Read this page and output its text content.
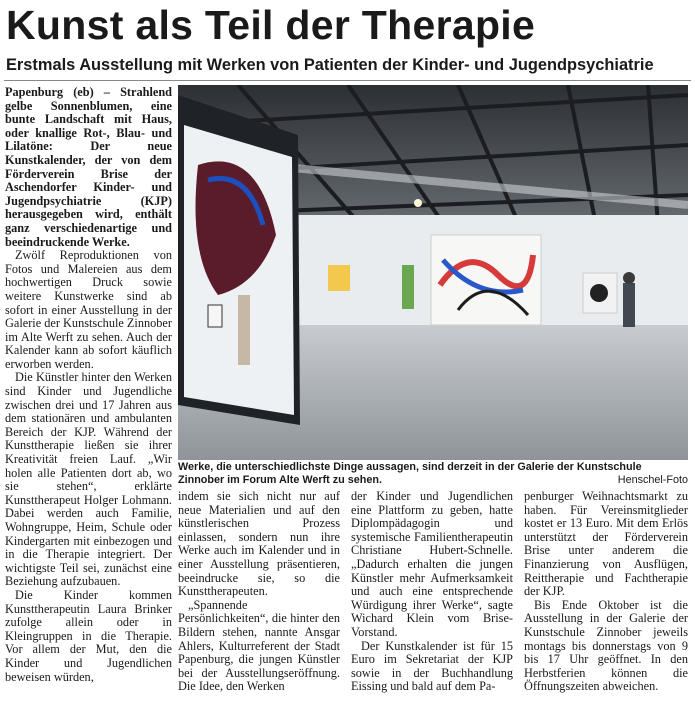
Kunst als Teil der Therapie
Erstmals Ausstellung mit Werken von Patienten der Kinder- und Jugendpsychiatrie

Papenburg (eb) – Strahlend gelbe Sonnenblumen, eine bunte Landschaft mit Haus, oder knallige Rot-, Blau- und Lilatöne: Der neue Kunstkalender, der von dem Förderverein Brise der Aschendorfer Kinder- und Jugendpsychiatrie (KJP) herausgegeben wird, enthält ganz verschiedenartige und beeindruckende Werke.

Zwölf Reproduktionen von Fotos und Malereien aus dem hochwertigen Druck sowie weitere Kunstwerke sind ab sofort in einer Ausstellung in der Galerie der Kunstschule Zinnober im Alte Werft zu sehen. Auch der Kalender kann ab sofort käuflich erworben werden.

Die Künstler hinter den Werken sind Kinder und Jugendliche zwischen drei und 17 Jahren aus dem stationären und ambulanten Bereich der KJP. Während der Kunsttherapie ließen sie ihrer Kreativität freien Lauf. „Wir holen alle Patienten dort ab, wo sie stehen“, erklärte Kunsttherapeut Holger Lohmann. Dabei werden auch Familie, Wohngruppe, Heim, Schule oder Kindergarten mit einbezogen und in die Therapie integriert. Der wichtigste Teil sei, zunächst eine Beziehung aufzubauen.

Die Kinder kommen Kunsttherapeutin Laura Brinker zufolge allein oder in Kleingruppen in die Therapie. Vor allem der Mut, den die Kinder und Jugendlichen beweisen würden,

Werke, die unterschiedlichste Dinge aussagen, sind derzeit in der Galerie der Kunstschule Zinnober im Forum Alte Werft zu sehen.	Henschel-Foto

indem sie sich nicht nur auf neue Materialien und auf den künstlerischen Prozess einlassen, sondern nun ihre Werke auch im Kalender und in einer Ausstellung präsentieren, beeindrucke sie, so die Kunsttherapeuten.

„Spannende Persönlichkeiten“, die hinter den Bildern stehen, nannte Ansgar Ahlers, Kulturreferent der Stadt Papenburg, die jungen Künstler bei der Ausstellungseröffnung. Die Idee, den Werken

der Kinder und Jugendlichen eine Plattform zu geben, hatte Diplompädagogin und systemische Familientherapeutin Christiane Hubert-Schnelle. „Dadurch erhalten die jungen Künstler mehr Aufmerksamkeit und auch eine entsprechende Würdigung ihrer Werke“, sagte Wichard Klein vom Brise-Vorstand.

Der Kunstkalender ist für 15 Euro im Sekretariat der KJP sowie in der Buchhandlung Eissing und bald auf dem Pa-

penburger Weihnachtsmarkt zu haben. Für Vereinsmitglieder kostet er 13 Euro. Mit dem Erlös unterstützt der Förderverein Brise unter anderem die Finanzierung von Ausflügen, Reittherapie und Fachtherapie der KJP.

Bis Ende Oktober ist die Ausstellung in der Galerie der Kunstschule Zinnober jeweils montags bis donnerstags von 9 bis 17 Uhr geöffnet. In den Herbstferien können die Öffnungszeiten abweichen.
